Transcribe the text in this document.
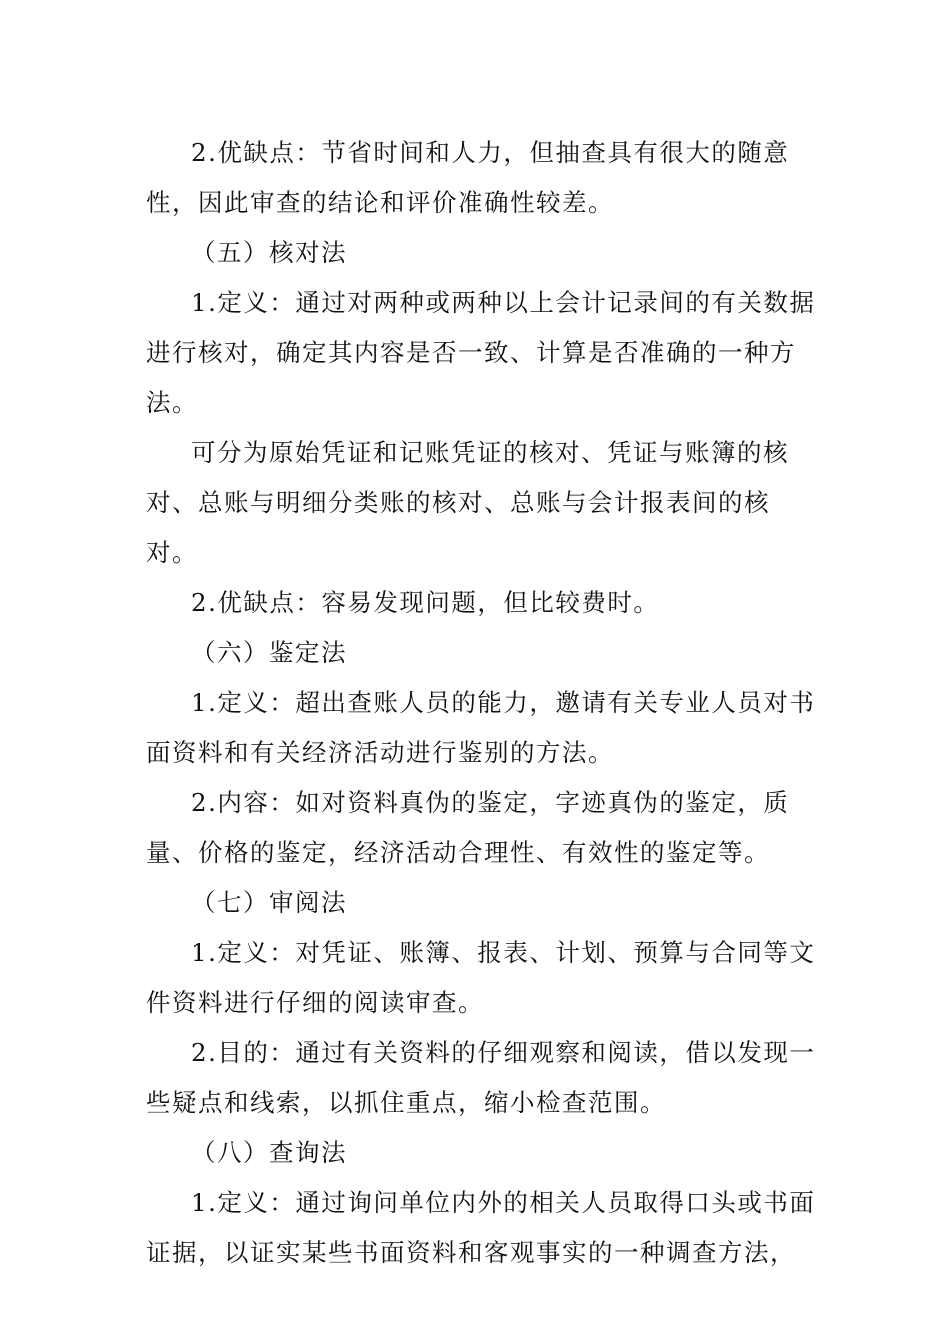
2.优缺点：节省时间和人力，但抽查具有很大的随意性，因此审查的结论和评价准确性较差。

（五）核对法

1.定义：通过对两种或两种以上会计记录间的有关数据进行核对，确定其内容是否一致、计算是否准确的一种方法。

可分为原始凭证和记账凭证的核对、凭证与账簿的核对、总账与明细分类账的核对、总账与会计报表间的核对。

2.优缺点：容易发现问题，但比较费时。

（六）鉴定法

1.定义：超出查账人员的能力，邀请有关专业人员对书面资料和有关经济活动进行鉴别的方法。

2.内容：如对资料真伪的鉴定，字迹真伪的鉴定，质量、价格的鉴定，经济活动合理性、有效性的鉴定等。

（七）审阅法

1.定义：对凭证、账簿、报表、计划、预算与合同等文件资料进行仔细的阅读审查。

2.目的：通过有关资料的仔细观察和阅读，借以发现一些疑点和线索，以抓住重点，缩小检查范围。

（八）查询法

1.定义：通过询问单位内外的相关人员取得口头或书面证据，以证实某些书面资料和客观事实的一种调查方法，
